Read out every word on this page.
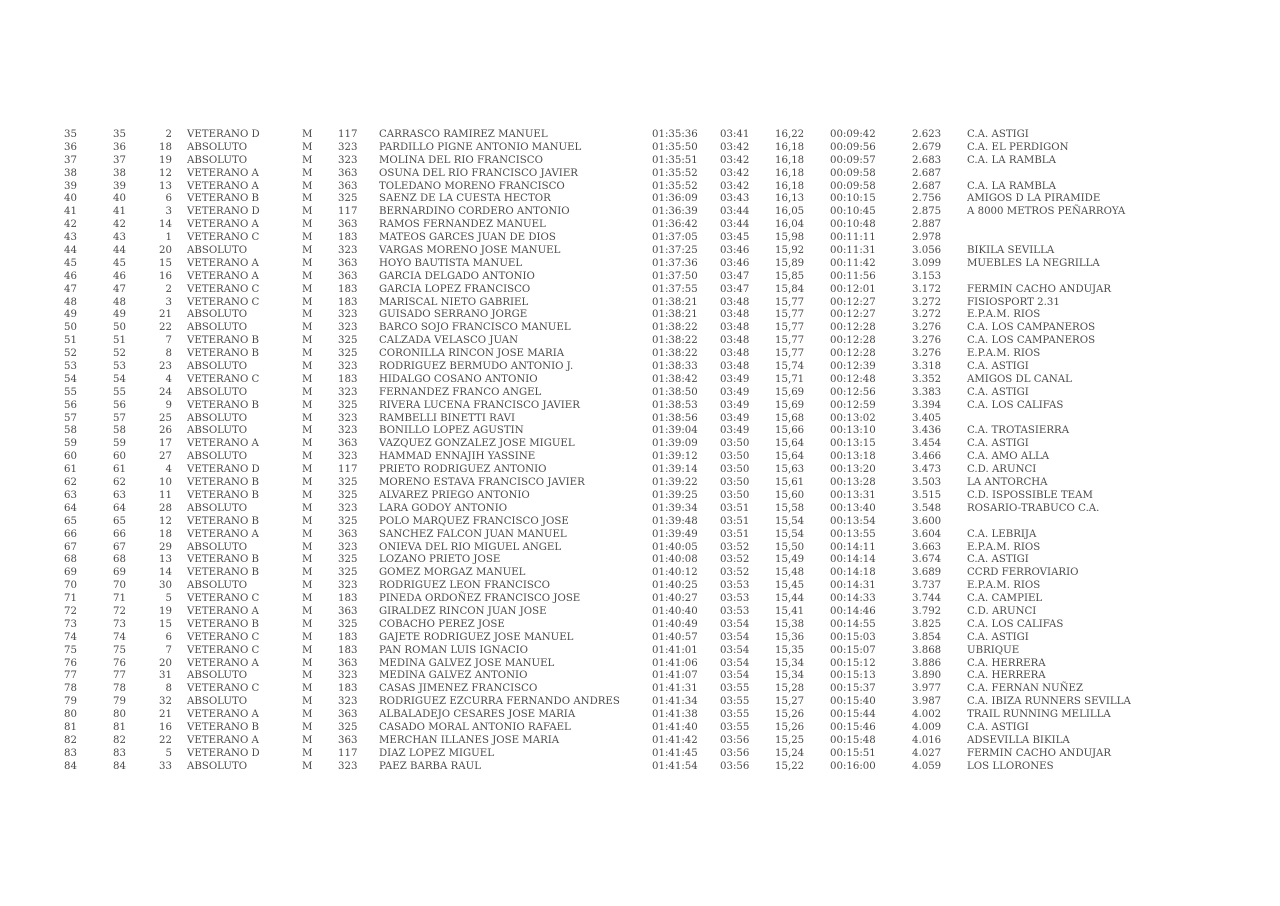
35	35	2 VETERANO D	M	117 CARRASCO RAMIREZ MANUEL	01:35:36 03:41	16,22	00:09:42	2.623	C.A. ASTIGI
36	36	18 ABSOLUTO	M	323 PARDILLO PIGNE ANTONIO MANUEL	01:35:50 03:42	16,18	00:09:56	2.679	C.A. EL PERDIGON
37	37	19 ABSOLUTO	M	323 MOLINA DEL RIO FRANCISCO	01:35:51 03:42	16,18	00:09:57	2.683	C.A. LA RAMBLA
38	38	12 VETERANO A	M	363 OSUNA DEL RIO FRANCISCO JAVIER	01:35:52 03:42	16,18	00:09:58	2.687
39	39	13 VETERANO A	M	363 TOLEDANO MORENO FRANCISCO	01:35:52 03:42	16,18	00:09:58	2.687	C.A. LA RAMBLA
40	40	6 VETERANO B	M	325 SAENZ DE LA CUESTA HECTOR	01:36:09 03:43	16,13	00:10:15	2.756	AMIGOS D LA PIRAMIDE
41	41	3 VETERANO D	M	117 BERNARDINO CORDERO ANTONIO	01:36:39 03:44	16,05	00:10:45	2.875	A 8000 METROS PEÑARROYA
42	42	14 VETERANO A	M	363 RAMOS FERNANDEZ MANUEL	01:36:42 03:44	16,04	00:10:48	2.887
43	43	1 VETERANO C	M	183 MATEOS GARCES JUAN DE DIOS	01:37:05 03:45	15,98	00:11:11	2.978
44	44	20 ABSOLUTO	M	323 VARGAS MORENO JOSE MANUEL	01:37:25 03:46	15,92	00:11:31	3.056	BIKILA SEVILLA
45	45	15 VETERANO A	M	363 HOYO BAUTISTA MANUEL	01:37:36 03:46	15,89	00:11:42	3.099	MUEBLES LA NEGRILLA
46	46	16 VETERANO A	M	363 GARCIA DELGADO ANTONIO	01:37:50 03:47	15,85	00:11:56	3.153
47	47	2 VETERANO C	M	183 GARCIA LOPEZ FRANCISCO	01:37:55 03:47	15,84	00:12:01	3.172	FERMIN CACHO ANDUJAR
48	48	3 VETERANO C	M	183 MARISCAL NIETO GABRIEL	01:38:21 03:48	15,77	00:12:27	3.272	FISIOSPORT 2.31
49	49	21 ABSOLUTO	M	323 GUISADO SERRANO JORGE	01:38:21 03:48	15,77	00:12:27	3.272	E.P.A.M. RIOS
50	50	22 ABSOLUTO	M	323 BARCO SOJO FRANCISCO MANUEL	01:38:22 03:48	15,77	00:12:28	3.276	C.A. LOS CAMPANEROS
51	51	7 VETERANO B	M	325 CALZADA VELASCO JUAN	01:38:22 03:48	15,77	00:12:28	3.276	C.A. LOS CAMPANEROS
52	52	8 VETERANO B	M	325 CORONILLA RINCON JOSE MARIA	01:38:22 03:48	15,77	00:12:28	3.276	E.P.A.M. RIOS
53	53	23 ABSOLUTO	M	323 RODRIGUEZ BERMUDO ANTONIO J.	01:38:33 03:48	15,74	00:12:39	3.318	C.A. ASTIGI
54	54	4 VETERANO C	M	183 HIDALGO COSANO ANTONIO	01:38:42 03:49	15,71	00:12:48	3.352	AMIGOS DL CANAL
55	55	24 ABSOLUTO	M	323 FERNANDEZ FRANCO ANGEL	01:38:50 03:49	15,69	00:12:56	3.383	C.A. ASTIGI
56	56	9 VETERANO B	M	325 RIVERA LUCENA FRANCISCO JAVIER	01:38:53 03:49	15,69	00:12:59	3.394	C.A. LOS CALIFAS
57	57	25 ABSOLUTO	M	323 RAMBELLI BINETTI RAVI	01:38:56 03:49	15,68	00:13:02	3.405
58	58	26 ABSOLUTO	M	323 BONILLO LOPEZ AGUSTIN	01:39:04 03:49	15,66	00:13:10	3.436	C.A. TROTASIERRA
59	59	17 VETERANO A	M	363 VAZQUEZ GONZALEZ JOSE MIGUEL	01:39:09 03:50	15,64	00:13:15	3.454	C.A. ASTIGI
60	60	27 ABSOLUTO	M	323 HAMMAD ENNAJIH YASSINE	01:39:12 03:50	15,64	00:13:18	3.466	C.A. AMO ALLA
61	61	4 VETERANO D	M	117 PRIETO RODRIGUEZ ANTONIO	01:39:14 03:50	15,63	00:13:20	3.473	C.D. ARUNCI
62	62	10 VETERANO B	M	325 MORENO ESTAVA FRANCISCO JAVIER	01:39:22 03:50	15,61	00:13:28	3.503	LA ANTORCHA
63	63	11 VETERANO B	M	325 ALVAREZ PRIEGO ANTONIO	01:39:25 03:50	15,60	00:13:31	3.515	C.D. ISPOSSIBLE TEAM
64	64	28 ABSOLUTO	M	323 LARA GODOY ANTONIO	01:39:34 03:51	15,58	00:13:40	3.548	ROSARIO-TRABUCO C.A.
65	65	12 VETERANO B	M	325 POLO MARQUEZ FRANCISCO JOSE	01:39:48 03:51	15,54	00:13:54	3.600
66	66	18 VETERANO A	M	363 SANCHEZ FALCON JUAN MANUEL	01:39:49 03:51	15,54	00:13:55	3.604	C.A. LEBRIJA
67	67	29 ABSOLUTO	M	323 ONIEVA DEL RIO MIGUEL ANGEL	01:40:05 03:52	15,50	00:14:11	3.663	E.P.A.M. RIOS
68	68	13 VETERANO B	M	325 LOZANO PRIETO JOSE	01:40:08 03:52	15,49	00:14:14	3.674	C.A. ASTIGI
69	69	14 VETERANO B	M	325 GOMEZ MORGAZ MANUEL	01:40:12 03:52	15,48	00:14:18	3.689	CCRD FERROVIARIO
70	70	30 ABSOLUTO	M	323 RODRIGUEZ LEON FRANCISCO	01:40:25 03:53	15,45	00:14:31	3.737	E.P.A.M. RIOS
71	71	5 VETERANO C	M	183 PINEDA ORDOÑEZ FRANCISCO JOSE	01:40:27 03:53	15,44	00:14:33	3.744	C.A. CAMPIEL
72	72	19 VETERANO A	M	363 GIRALDEZ RINCON JUAN JOSE	01:40:40 03:53	15,41	00:14:46	3.792	C.D. ARUNCI
73	73	15 VETERANO B	M	325 COBACHO PEREZ JOSE	01:40:49 03:54	15,38	00:14:55	3.825	C.A. LOS CALIFAS
74	74	6 VETERANO C	M	183 GAJETE RODRIGUEZ JOSE MANUEL	01:40:57 03:54	15,36	00:15:03	3.854	C.A. ASTIGI
75	75	7 VETERANO C	M	183 PAN ROMAN LUIS IGNACIO	01:41:01 03:54	15,35	00:15:07	3.868	UBRIQUE
76	76	20 VETERANO A	M	363 MEDINA GALVEZ JOSE MANUEL	01:41:06 03:54	15,34	00:15:12	3.886	C.A. HERRERA
77	77	31 ABSOLUTO	M	323 MEDINA GALVEZ ANTONIO	01:41:07 03:54	15,34	00:15:13	3.890	C.A. HERRERA
78	78	8 VETERANO C	M	183 CASAS JIMENEZ FRANCISCO	01:41:31 03:55	15,28	00:15:37	3.977	C.A. FERNAN NUÑEZ
79	79	32 ABSOLUTO	M	323 RODRIGUEZ EZCURRA FERNANDO ANDRES	01:41:34 03:55	15,27	00:15:40	3.987	C.A. IBIZA RUNNERS SEVILLA
80	80	21 VETERANO A	M	363 ALBALADEJO CESARES JOSE MARIA	01:41:38 03:55	15,26	00:15:44	4.002	TRAIL RUNNING MELILLA
81	81	16 VETERANO B	M	325 CASADO MORAL ANTONIO RAFAEL	01:41:40 03:55	15,26	00:15:46	4.009	C.A. ASTIGI
82	82	22 VETERANO A	M	363 MERCHAN ILLANES JOSE MARIA	01:41:42 03:56	15,25	00:15:48	4.016	ADSEVILLA BIKILA
83	83	5 VETERANO D	M	117 DIAZ LOPEZ MIGUEL	01:41:45 03:56	15,24	00:15:51	4.027	FERMIN CACHO ANDUJAR
84	84	33 ABSOLUTO	M	323 PAEZ BARBA RAUL	01:41:54 03:56	15,22	00:16:00	4.059	LOS LLORONES
